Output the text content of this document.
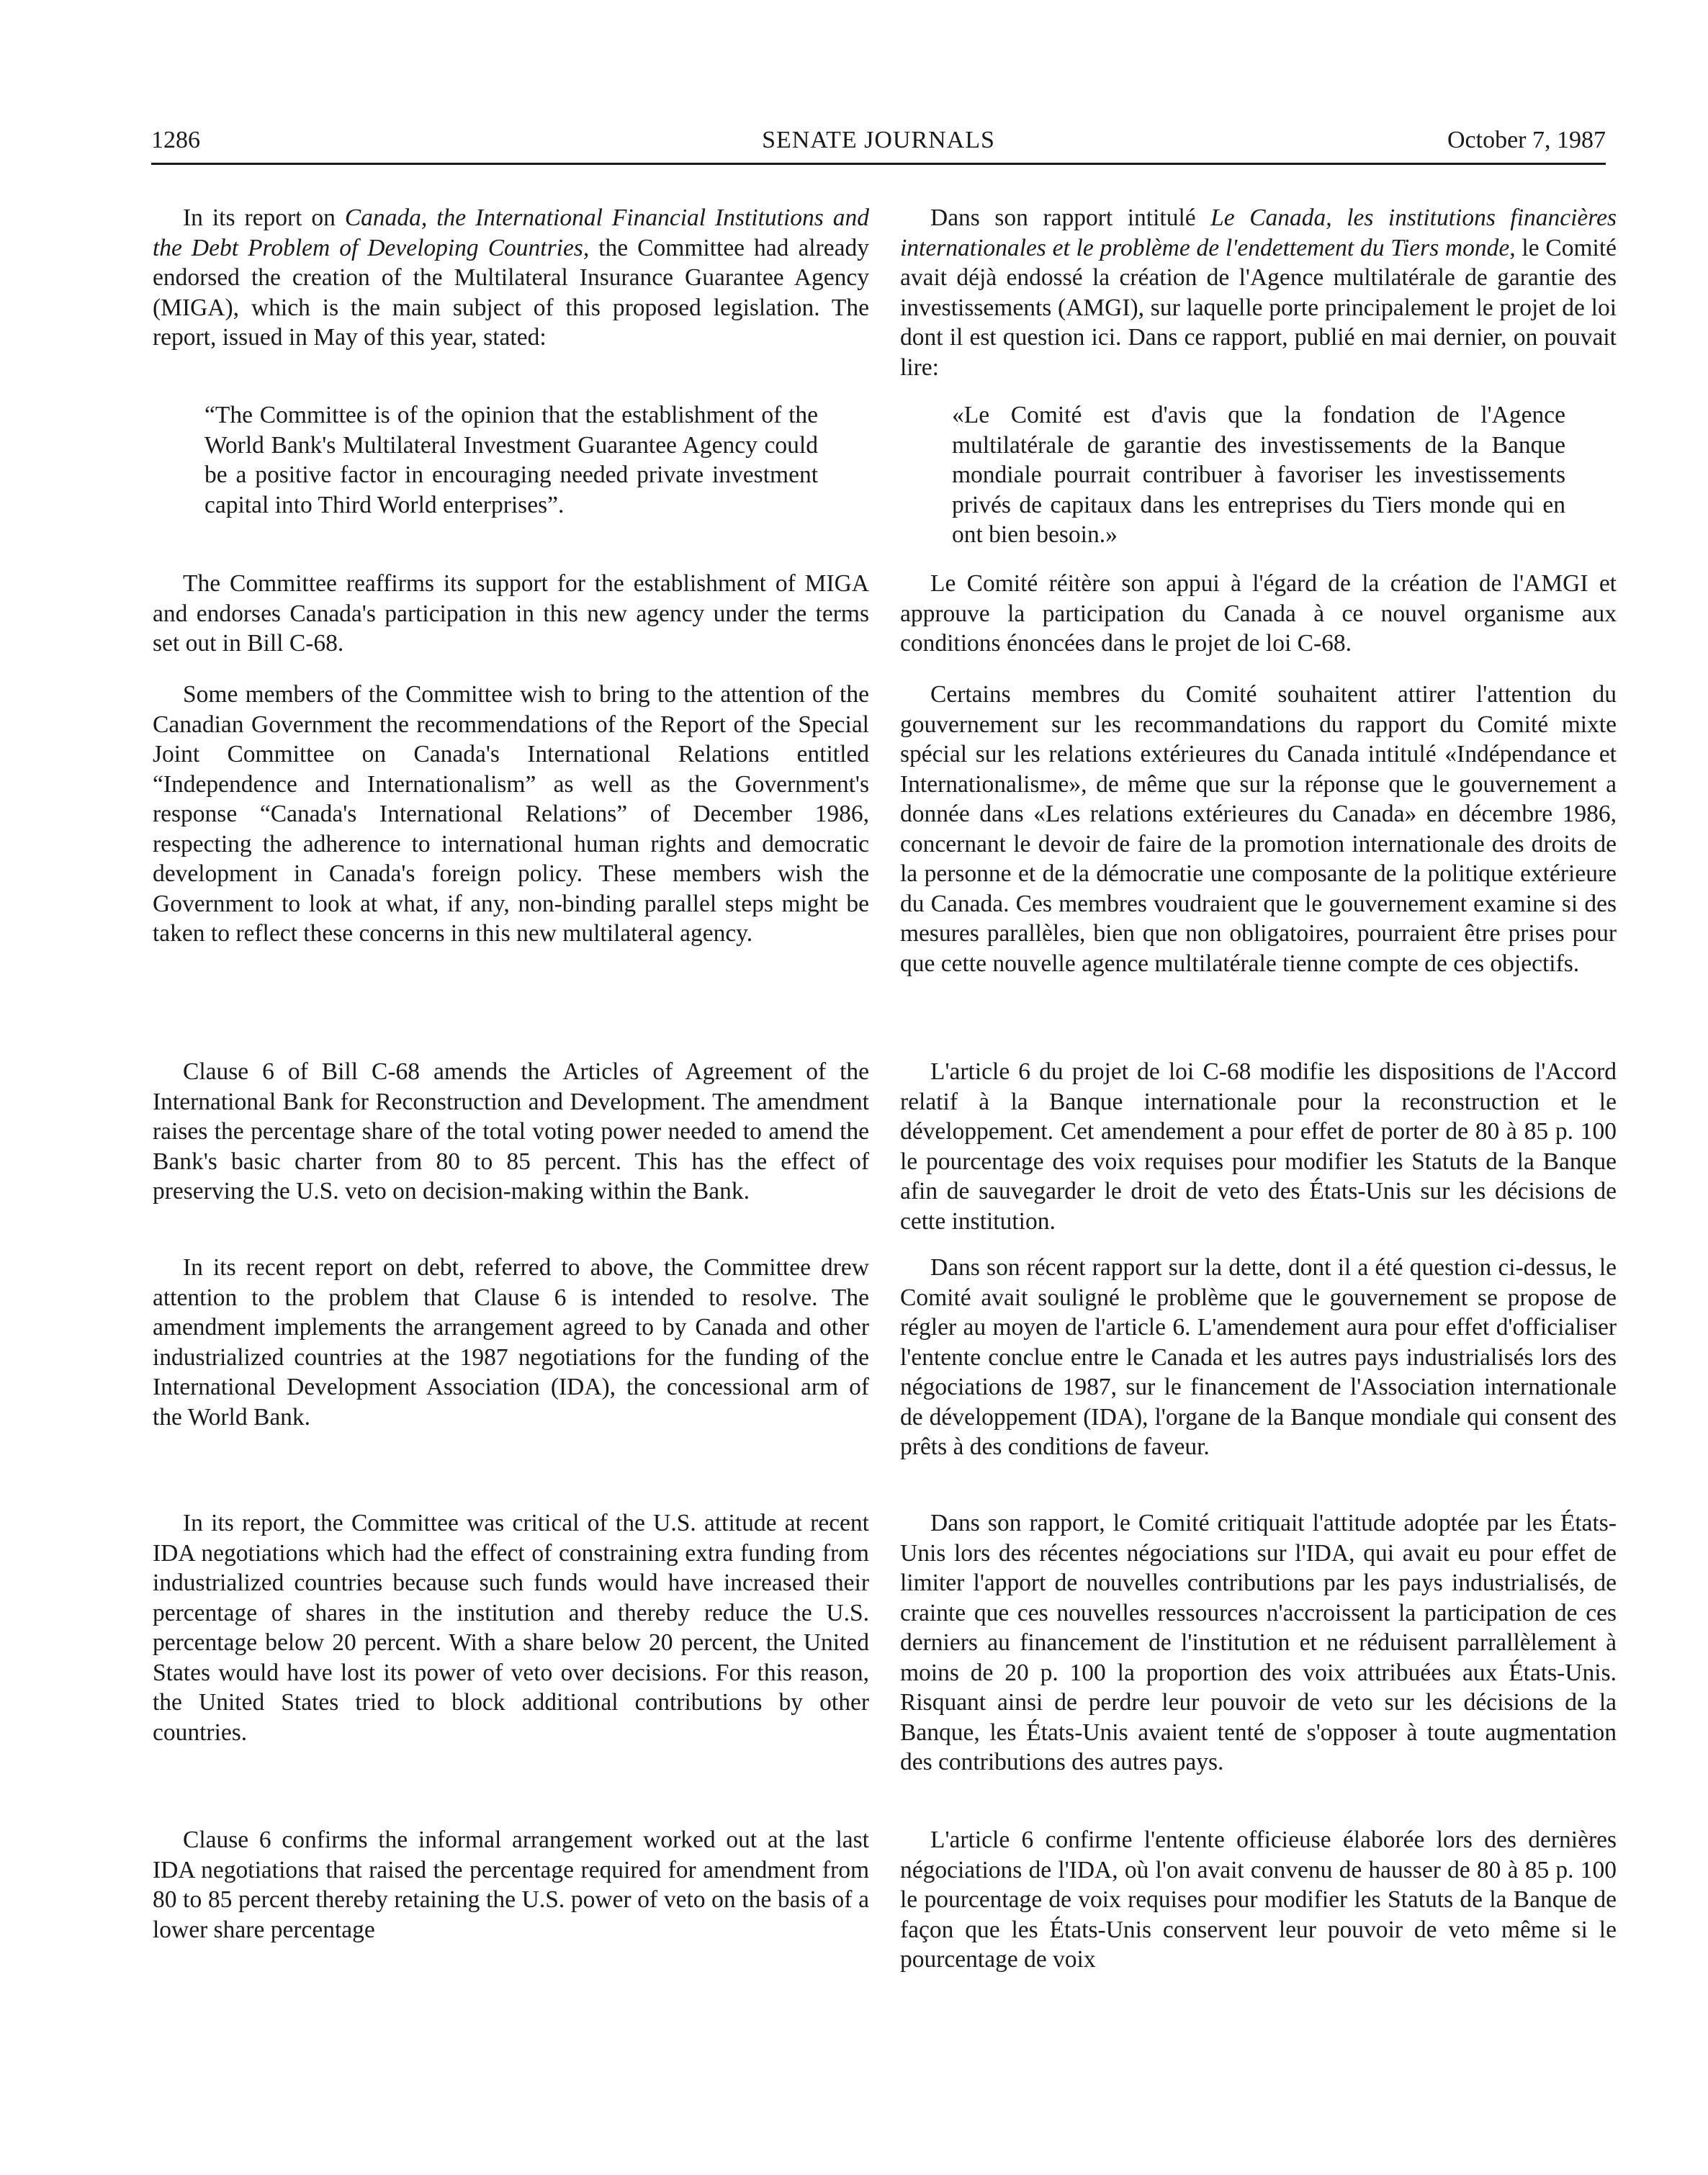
1286	SENATE JOURNALS	October 7, 1987

In its report on Canada, the International Financial Institutions and the Debt Problem of Developing Countries, the Committee had already endorsed the creation of the Multilateral Insurance Guarantee Agency (MIGA), which is the main subject of this proposed legislation. The report, issued in May of this year, stated:

“The Committee is of the opinion that the establishment of the World Bank's Multilateral Investment Guarantee Agency could be a positive factor in encouraging needed private investment capital into Third World enterprises”.

The Committee reaffirms its support for the establishment of MIGA and endorses Canada's participation in this new agency under the terms set out in Bill C-68.

Some members of the Committee wish to bring to the attention of the Canadian Government the recommendations of the Report of the Special Joint Committee on Canada's International Relations entitled “Independence and Internationalism” as well as the Government's response “Canada's International Relations” of December 1986, respecting the adherence to international human rights and democratic development in Canada's foreign policy. These members wish the Government to look at what, if any, non-binding parallel steps might be taken to reflect these concerns in this new multilateral agency.

Clause 6 of Bill C-68 amends the Articles of Agreement of the International Bank for Reconstruction and Development. The amendment raises the percentage share of the total voting power needed to amend the Bank's basic charter from 80 to 85 percent. This has the effect of preserving the U.S. veto on decision-making within the Bank.

In its recent report on debt, referred to above, the Committee drew attention to the problem that Clause 6 is intended to resolve. The amendment implements the arrangement agreed to by Canada and other industrialized countries at the 1987 negotiations for the funding of the International Development Association (IDA), the concessional arm of the World Bank.

In its report, the Committee was critical of the U.S. attitude at recent IDA negotiations which had the effect of constraining extra funding from industrialized countries because such funds would have increased their percentage of shares in the institution and thereby reduce the U.S. percentage below 20 percent. With a share below 20 percent, the United States would have lost its power of veto over decisions. For this reason, the United States tried to block additional contributions by other countries.

Clause 6 confirms the informal arrangement worked out at the last IDA negotiations that raised the percentage required for amendment from 80 to 85 percent thereby retaining the U.S. power of veto on the basis of a lower share percentage

Dans son rapport intitulé Le Canada, les institutions financières internationales et le problème de l'endettement du Tiers monde, le Comité avait déjà endossé la création de l'Agence multilatérale de garantie des investissements (AMGI), sur laquelle porte principalement le projet de loi dont il est question ici. Dans ce rapport, publié en mai dernier, on pouvait lire:

«Le Comité est d'avis que la fondation de l'Agence multilatérale de garantie des investissements de la Banque mondiale pourrait contribuer à favoriser les investissements privés de capitaux dans les entreprises du Tiers monde qui en ont bien besoin.»

Le Comité réitère son appui à l'égard de la création de l'AMGI et approuve la participation du Canada à ce nouvel organisme aux conditions énoncées dans le projet de loi C-68.

Certains membres du Comité souhaitent attirer l'attention du gouvernement sur les recommandations du rapport du Comité mixte spécial sur les relations extérieures du Canada intitulé «Indépendance et Internationalisme», de même que sur la réponse que le gouvernement a donnée dans «Les relations extérieures du Canada» en décembre 1986, concernant le devoir de faire de la promotion internationale des droits de la personne et de la démocratie une composante de la politique extérieure du Canada. Ces membres voudraient que le gouvernement examine si des mesures parallèles, bien que non obligatoires, pourraient être prises pour que cette nouvelle agence multilatérale tienne compte de ces objectifs.

L'article 6 du projet de loi C-68 modifie les dispositions de l'Accord relatif à la Banque internationale pour la reconstruction et le développement. Cet amendement a pour effet de porter de 80 à 85 p. 100 le pourcentage des voix requises pour modifier les Statuts de la Banque afin de sauvegarder le droit de veto des États-Unis sur les décisions de cette institution.

Dans son récent rapport sur la dette, dont il a été question ci-dessus, le Comité avait souligné le problème que le gouvernement se propose de régler au moyen de l'article 6. L'amendement aura pour effet d'officialiser l'entente conclue entre le Canada et les autres pays industrialisés lors des négociations de 1987, sur le financement de l'Association internationale de développement (IDA), l'organe de la Banque mondiale qui consent des prêts à des conditions de faveur.

Dans son rapport, le Comité critiquait l'attitude adoptée par les États-Unis lors des récentes négociations sur l'IDA, qui avait eu pour effet de limiter l'apport de nouvelles contributions par les pays industrialisés, de crainte que ces nouvelles ressources n'accroissent la participation de ces derniers au financement de l'institution et ne réduisent parrallèlement à moins de 20 p. 100 la proportion des voix attribuées aux États-Unis. Risquant ainsi de perdre leur pouvoir de veto sur les décisions de la Banque, les États-Unis avaient tenté de s'opposer à toute augmentation des contributions des autres pays.

L'article 6 confirme l'entente officieuse élaborée lors des dernières négociations de l'IDA, où l'on avait convenu de hausser de 80 à 85 p. 100 le pourcentage de voix requises pour modifier les Statuts de la Banque de façon que les États-Unis conservent leur pouvoir de veto même si le pourcentage de voix
